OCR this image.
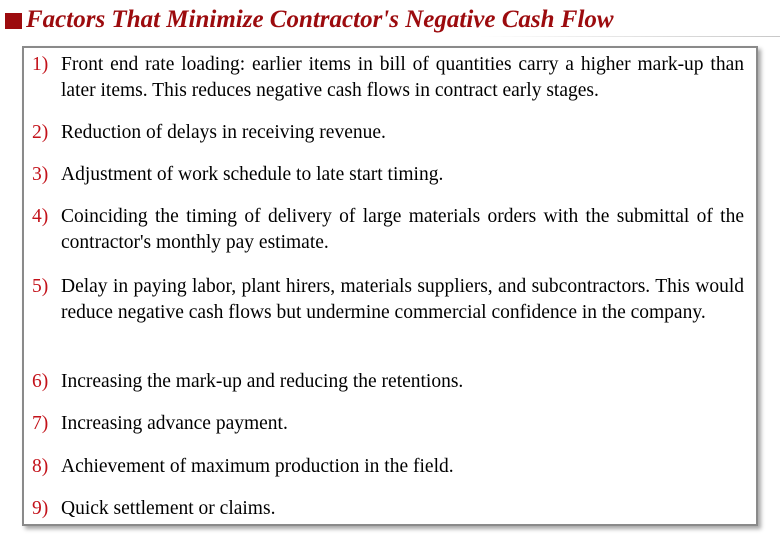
Factors That Minimize Contractor's Negative Cash Flow
1) Front end rate loading: earlier items in bill of quantities carry a higher mark-up than later items. This reduces negative cash flows in contract early stages.
2) Reduction of delays in receiving revenue.
3) Adjustment of work schedule to late start timing.
4) Coinciding the timing of delivery of large materials orders with the submittal of the contractor's monthly pay estimate.
5) Delay in paying labor, plant hirers, materials suppliers, and subcontractors. This would reduce negative cash flows but undermine commercial confidence in the company.
6) Increasing the mark-up and reducing the retentions.
7) Increasing advance payment.
8) Achievement of maximum production in the field.
9) Quick settlement or claims.
